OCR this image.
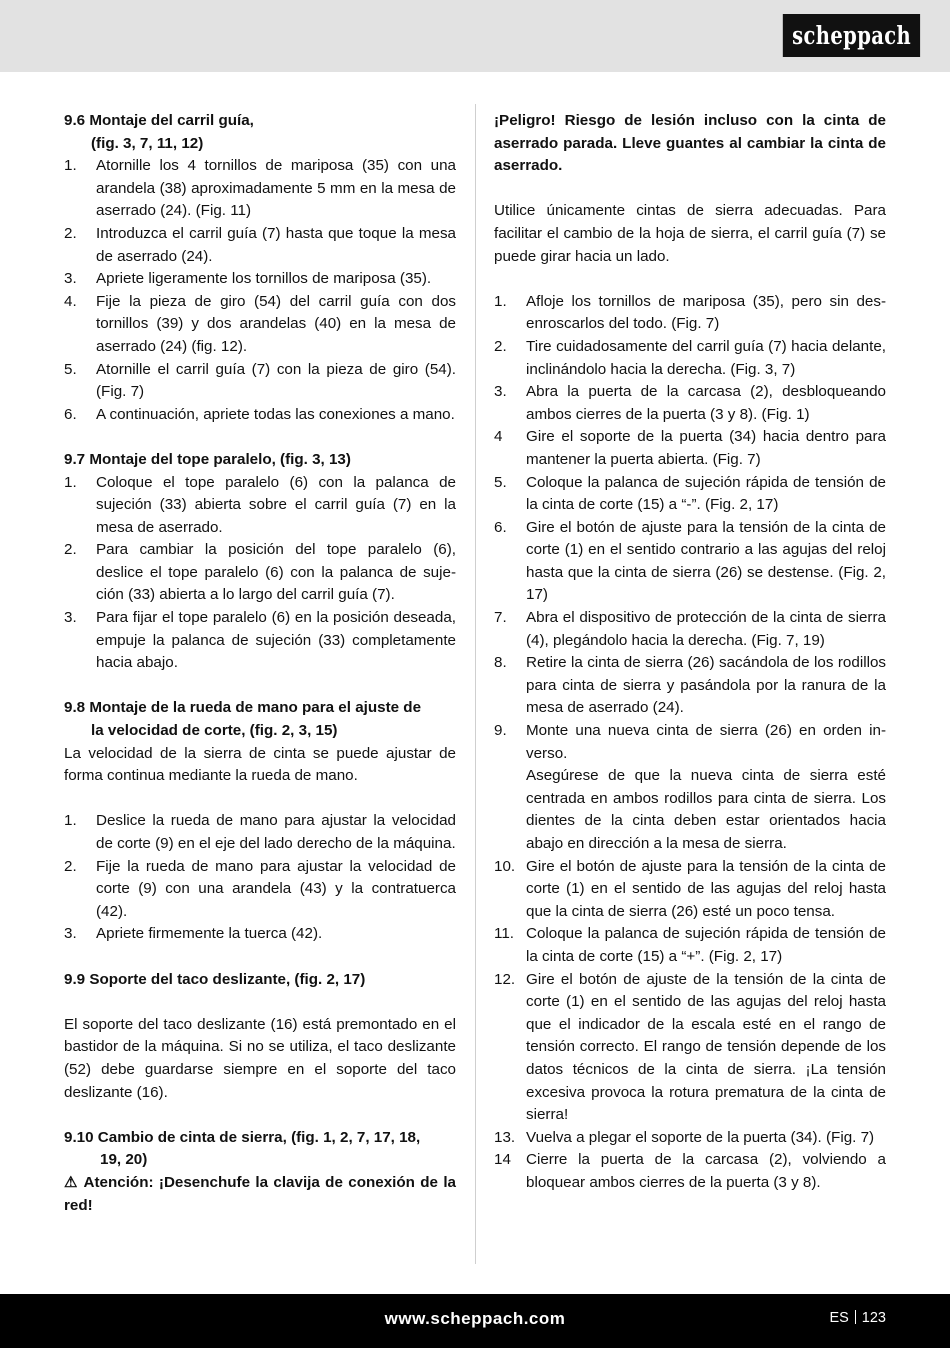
scheppach
9.6 Montaje del carril guía,
(fig. 3, 7, 11, 12)
1.	Atornille los 4 tornillos de mariposa (35) con una arandela (38) aproximadamente 5 mm en la mesa de aserrado (24). (Fig. 11)
2.	Introduzca el carril guía (7) hasta que toque la mesa de aserrado (24).
3.	Apriete ligeramente los tornillos de mariposa (35).
4.	Fije la pieza de giro (54) del carril guía con dos tornillos (39) y dos arandelas (40) en la mesa de aserrado (24) (fig. 12).
5.	Atornille el carril guía (7) con la pieza de giro (54). (Fig. 7)
6.	A continuación, apriete todas las conexiones a mano.
9.7 Montaje del tope paralelo, (fig. 3, 13)
1.	Coloque el tope paralelo (6) con la palanca de sujeción (33) abierta sobre el carril guía (7) en la mesa de aserrado.
2.	Para cambiar la posición del tope paralelo (6), deslice el tope paralelo (6) con la palanca de sujeción (33) abierta a lo largo del carril guía (7).
3.	Para fijar el tope paralelo (6) en la posición deseada, empuje la palanca de sujeción (33) completamente hacia abajo.
9.8 Montaje de la rueda de mano para el ajuste de
la velocidad de corte, (fig. 2, 3, 15)
La velocidad de la sierra de cinta se puede ajustar de forma continua mediante la rueda de mano.
1.	Deslice la rueda de mano para ajustar la velocidad de corte (9) en el eje del lado derecho de la máquina.
2.	Fije la rueda de mano para ajustar la velocidad de corte (9) con una arandela (43) y la contratuerca (42).
3.	Apriete firmemente la tuerca (42).
9.9 Soporte del taco deslizante, (fig. 2, 17)
El soporte del taco deslizante (16) está premontado en el bastidor de la máquina. Si no se utiliza, el taco deslizante (52) debe guardarse siempre en el soporte del taco deslizante (16).
9.10 Cambio de cinta de sierra, (fig. 1, 2, 7, 17, 18,
19, 20)
⚠ Atención: ¡Desenchufe la clavija de conexión de la red!
¡Peligro! Riesgo de lesión incluso con la cinta de aserrado parada. Lleve guantes al cambiar la cinta de aserrado.
Utilice únicamente cintas de sierra adecuadas. Para facilitar el cambio de la hoja de sierra, el carril guía (7) se puede girar hacia un lado.
1.	Afloje los tornillos de mariposa (35), pero sin desenroscarlos del todo. (Fig. 7)
2.	Tire cuidadosamente del carril guía (7) hacia delante, inclinándolo hacia la derecha. (Fig. 3, 7)
3.	Abra la puerta de la carcasa (2), desbloqueando ambos cierres de la puerta (3 y 8). (Fig. 1)
4	Gire el soporte de la puerta (34) hacia dentro para mantener la puerta abierta. (Fig. 7)
5.	Coloque la palanca de sujeción rápida de tensión de la cinta de corte (15) a “-”. (Fig. 2, 17)
6.	Gire el botón de ajuste para la tensión de la cinta de corte (1) en el sentido contrario a las agujas del reloj hasta que la cinta de sierra (26) se destense. (Fig. 2, 17)
7.	Abra el dispositivo de protección de la cinta de sierra (4), plegándolo hacia la derecha. (Fig. 7, 19)
8.	Retire la cinta de sierra (26) sacándola de los rodillos para cinta de sierra y pasándola por la ranura de la mesa de aserrado (24).
9.	Monte una nueva cinta de sierra (26) en orden inverso.
Asegúrese de que la nueva cinta de sierra esté centrada en ambos rodillos para cinta de sierra. Los dientes de la cinta deben estar orientados hacia abajo en dirección a la mesa de sierra.
10. Gire el botón de ajuste para la tensión de la cinta de corte (1) en el sentido de las agujas del reloj hasta que la cinta de sierra (26) esté un poco tensa.
11. Coloque la palanca de sujeción rápida de tensión de la cinta de corte (15) a “+”. (Fig. 2, 17)
12. Gire el botón de ajuste de la tensión de la cinta de corte (1) en el sentido de las agujas del reloj hasta que el indicador de la escala esté en el rango de tensión correcto. El rango de tensión depende de los datos técnicos de la cinta de sierra. ¡La tensión excesiva provoca la rotura prematura de la cinta de sierra!
13. Vuelva a plegar el soporte de la puerta (34). (Fig. 7)
14 Cierre la puerta de la carcasa (2), volviendo a bloquear ambos cierres de la puerta (3 y 8).
www.scheppach.com	ES 123
